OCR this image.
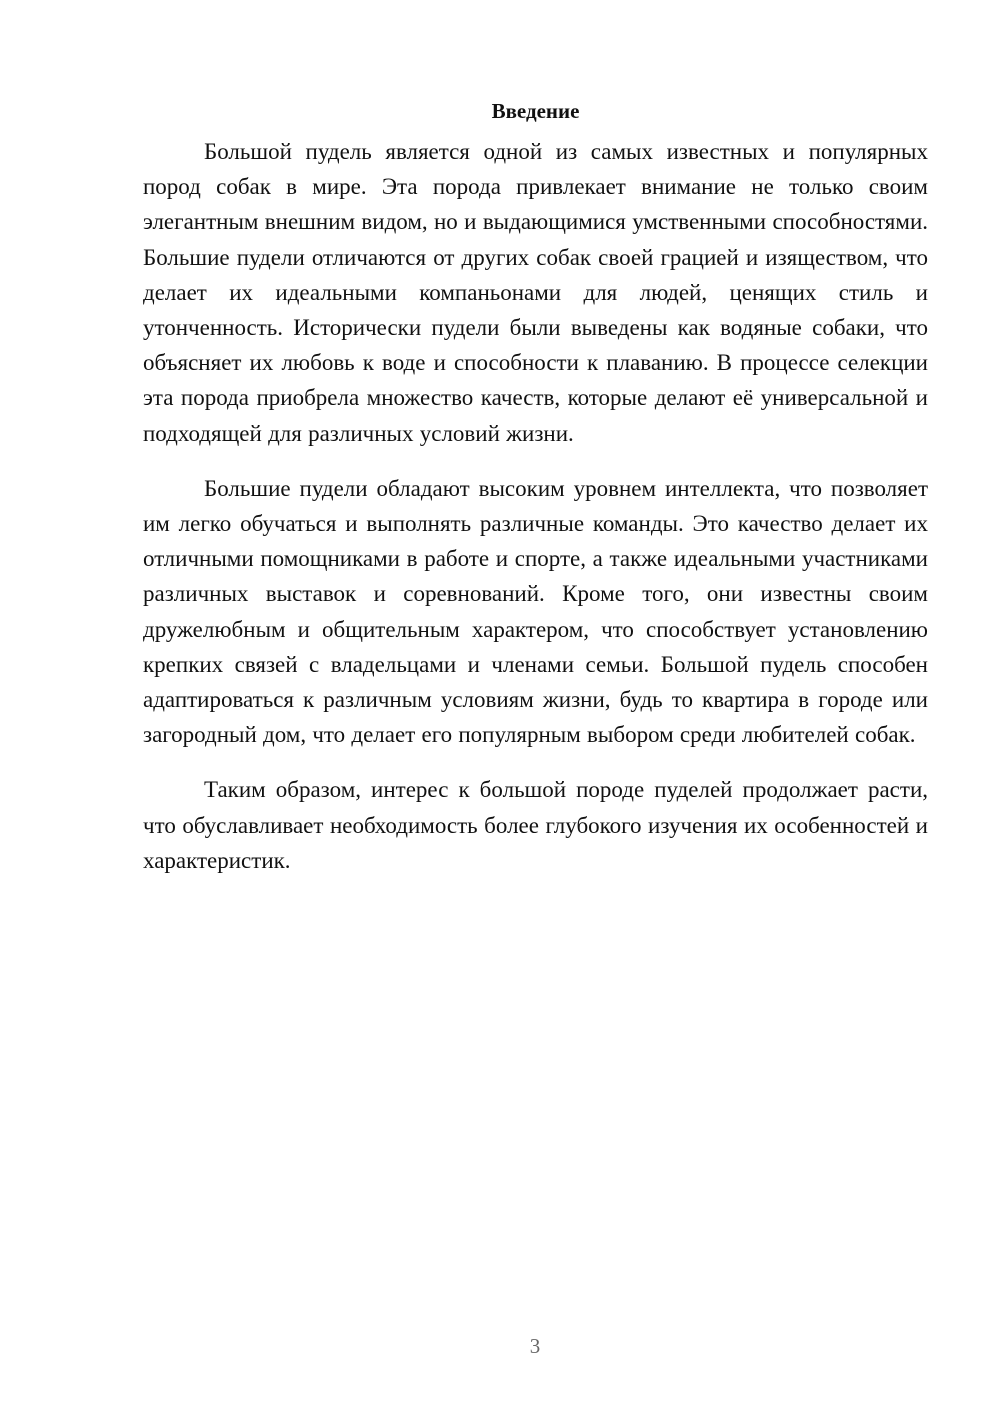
Введение

Большой пудель является одной из самых известных и популярных пород собак в мире. Эта порода привлекает внимание не только своим элегантным внешним видом, но и выдающимися умственными способностями. Большие пудели отличаются от других собак своей грацией и изяществом, что делает их идеальными компаньонами для людей, ценящих стиль и утонченность. Исторически пудели были выведены как водяные собаки, что объясняет их любовь к воде и способности к плаванию. В процессе селекции эта порода приобрела множество качеств, которые делают её универсальной и подходящей для различных условий жизни.

Большие пудели обладают высоким уровнем интеллекта, что позволяет им легко обучаться и выполнять различные команды. Это качество делает их отличными помощниками в работе и спорте, а также идеальными участниками различных выставок и соревнований. Кроме того, они известны своим дружелюбным и общительным характером, что способствует установлению крепких связей с владельцами и членами семьи. Большой пудель способен адаптироваться к различным условиям жизни, будь то квартира в городе или загородный дом, что делает его популярным выбором среди любителей собак.

Таким образом, интерес к большой породе пуделей продолжает расти, что обуславливает необходимость более глубокого изучения их особенностей и характеристик.

3
